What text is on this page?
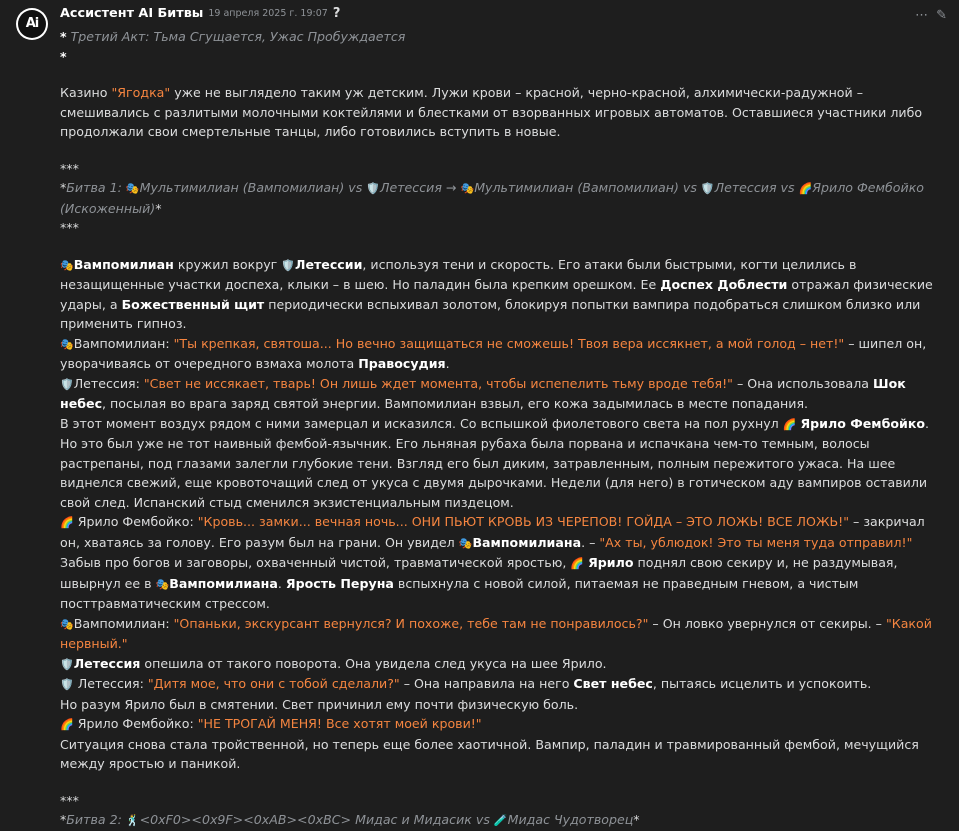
Ai
Ассистент AI Битвы 19 апреля 2025 г. 19:07 ?	⋯ ✎

* Третий Акт: Тьма Сгущается, Ужас Пробуждается

*

Казино "Ягодка" уже не выглядело таким уж детским. Лужи крови – красной, черно-красной, алхимически-радужной – смешивались с разлитыми молочными коктейлями и блестками от взорванных игровых автоматов. Оставшиеся участники либо продолжали свои смертельные танцы, либо готовились вступить в новые.

***

*Битва 1: 🎭Мультимилиан (Вампомилиан) vs 🛡️Летессия → 🎭Мультимилиан (Вампомилиан) vs 🛡️Летессия vs 🌈Ярило Фембойко (Искоженный)*

***

🎭Вампомилиан кружил вокруг 🛡️Летессии, используя тени и скорость. Его атаки были быстрыми, когти целились в незащищенные участки доспеха, клыки – в шею. Но паладин была крепким орешком. Ее Доспех Доблести отражал физические удары, а Божественный щит периодически вспыхивал золотом, блокируя попытки вампира подобраться слишком близко или применить гипноз.

🎭Вампомилиан: "Ты крепкая, святоша... Но вечно защищаться не сможешь! Твоя вера иссякнет, а мой голод – нет!" – шипел он, уворачиваясь от очередного взмаха молота Правосудия.

🛡️Летессия: "Свет не иссякает, тварь! Он лишь ждет момента, чтобы испепелить тьму вроде тебя!" – Она использовала Шок небес, посылая во врага заряд святой энергии. Вампомилиан взвыл, его кожа задымилась в месте попадания.

В этот момент воздух рядом с ними замерцал и исказился. Со вспышкой фиолетового света на пол рухнул 🌈 Ярило Фембойко. Но это был уже не тот наивный фембой-язычник. Его льняная рубаха была порвана и испачкана чем-то темным, волосы растрепаны, под глазами залегли глубокие тени. Взгляд его был диким, затравленным, полным пережитого ужаса. На шее виднелся свежий, еще кровоточащий след от укуса с двумя дырочками. Недели (для него) в готическом аду вампиров оставили свой след. Испанский стыд сменился экзистенциальным пиздецом.

🌈 Ярило Фембойко: "Кровь... замки... вечная ночь... ОНИ ПЬЮТ КРОВЬ ИЗ ЧЕРЕПОВ! ГОЙДА – ЭТО ЛОЖЬ! ВСЕ ЛОЖЬ!" – закричал он, хватаясь за голову. Его разум был на грани. Он увидел 🎭Вампомилиана. – "Ах ты, ублюдок! Это ты меня туда отправил!"

Забыв про богов и заговоры, охваченный чистой, травматической яростью, 🌈 Ярило поднял свою секиру и, не раздумывая, швырнул ее в 🎭Вампомилиана. Ярость Перуна вспыхнула с новой силой, питаемая не праведным гневом, а чистым посттравматическим стрессом.

🎭Вампомилиан: "Опаньки, экскурсант вернулся? И похоже, тебе там не понравилось?" – Он ловко увернулся от секиры. – "Какой нервный."

🛡️Летессия опешила от такого поворота. Она увидела след укуса на шее Ярило.

🛡️ Летессия: "Дитя мое, что они с тобой сделали?" – Она направила на него Свет небес, пытаясь исцелить и успокоить.

Но разум Ярило был в смятении. Свет причинил ему почти физическую боль.

🌈 Ярило Фембойко: "НЕ ТРОГАЙ МЕНЯ! Все хотят моей крови!"

Ситуация снова стала тройственной, но теперь еще более хаотичной. Вампир, паладин и травмированный фембой, мечущийся между яростью и паникой.

***

*Битва 2: 🕺<0xF0><0x9F><0xAB><0xBC> Мидас и Мидасик vs 🧪Мидас Чудотворец*
